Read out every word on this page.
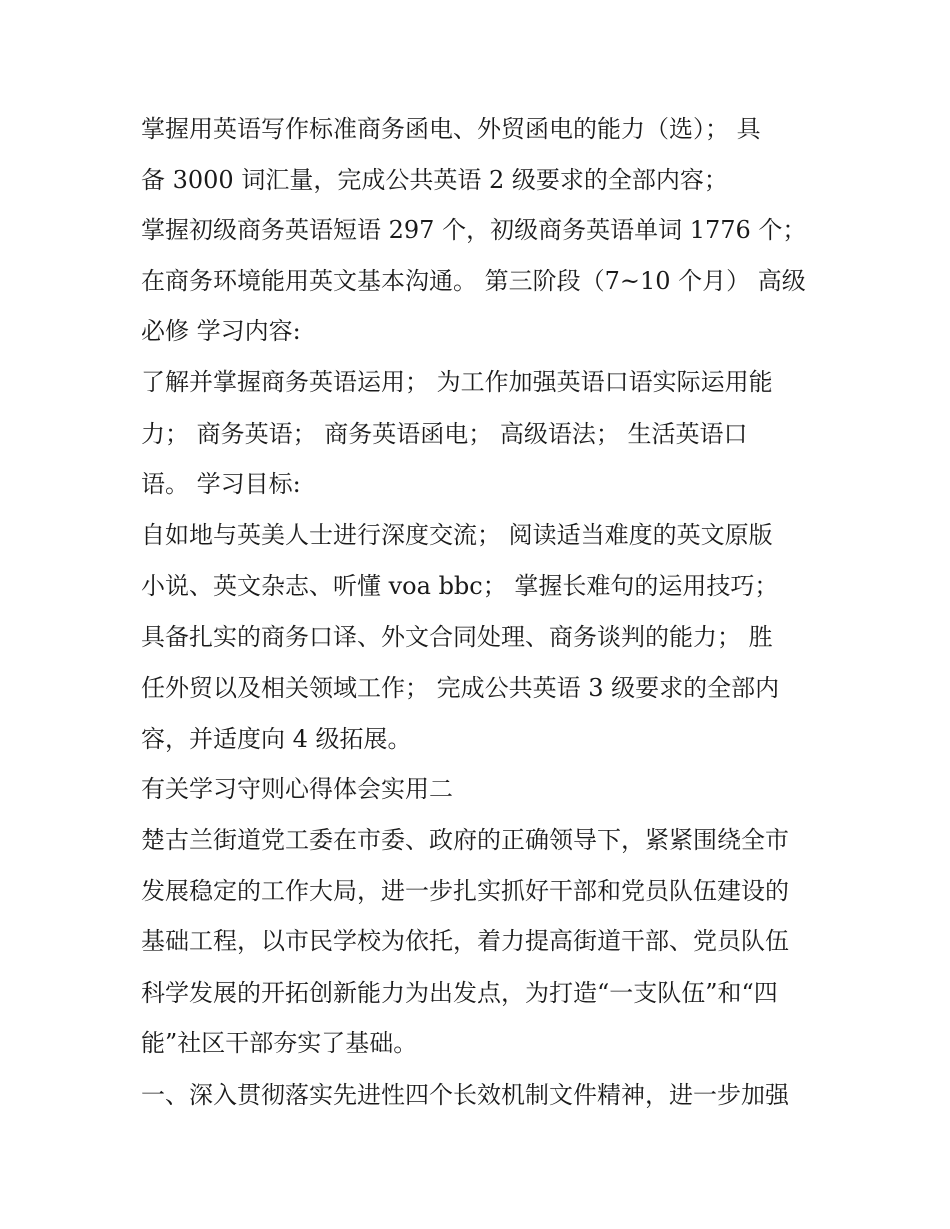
掌握用英语写作标准商务函电、外贸函电的能力（选）； 具
备 3000 词汇量，完成公共英语 2 级要求的全部内容；
掌握初级商务英语短语 297 个，初级商务英语单词 1776 个；
在商务环境能用英文基本沟通。 第三阶段（7~10 个月） 高级
必修 学习内容:
了解并掌握商务英语运用； 为工作加强英语口语实际运用能
力； 商务英语； 商务英语函电； 高级语法； 生活英语口
语。 学习目标:
自如地与英美人士进行深度交流； 阅读适当难度的英文原版
小说、英文杂志、听懂 voa bbc； 掌握长难句的运用技巧；
具备扎实的商务口译、外文合同处理、商务谈判的能力； 胜
任外贸以及相关领域工作； 完成公共英语 3 级要求的全部内
容，并适度向 4 级拓展。
有关学习守则心得体会实用二
楚古兰街道党工委在市委、政府的正确领导下，紧紧围绕全市
发展稳定的工作大局，进一步扎实抓好干部和党员队伍建设的
基础工程，以市民学校为依托，着力提高街道干部、党员队伍
科学发展的开拓创新能力为出发点，为打造“一支队伍”和“四
能”社区干部夯实了基础。
一、深入贯彻落实先进性四个长效机制文件精神，进一步加强
